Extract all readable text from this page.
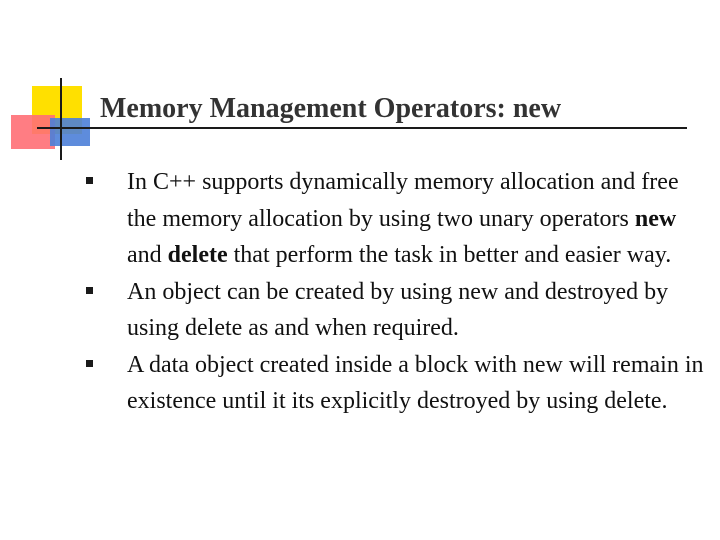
Memory Management Operators: new
In C++ supports dynamically memory allocation and free the memory allocation by using two unary operators new and delete that perform the task in better and easier way.
An object can be created by using new and destroyed by using delete as and when required.
A data object created inside a block with new will remain in existence until it its explicitly destroyed by using delete.
